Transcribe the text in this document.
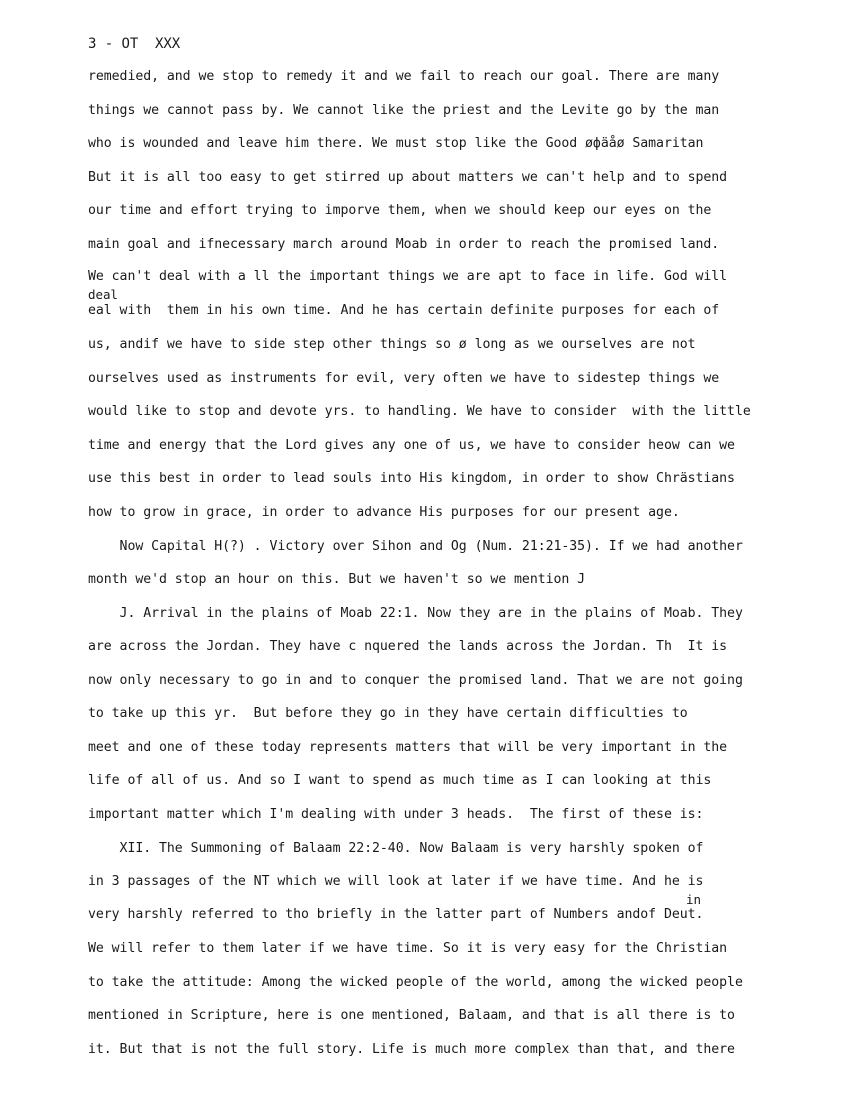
3 - OT  XXX
remedied, and we stop to remedy it and we fail to reach our goal. There are many
things we cannot pass by. We cannot like the priest and the Levite go by the man
who is wounded and leave him there. We must stop like the Good øфäåø Samaritan
But it is all too easy to get stirred up about matters we can't help and to spend
our time and effort trying to imporve them, when we should keep our eyes on the
main goal and ifnecessary march around Moab in order to reach the promised land.
We can't deal with a ll the important things we are apt to face in life. God will
deal
eal with  them in his own time. And he has certain definite purposes for each of
us, andif we have to side step other things so ø long as we ourselves are not
ourselves used as instruments for evil, very often we have to sidestep things we
would like to stop and devote yrs. to handling. We have to consider  with the little
time and energy that the Lord gives any one of us, we have to consider heow can we
use this best in order to lead souls into His kingdom, in order to show Chrästians
how to grow in grace, in order to advance His purposes for our present age.
Now Capital H(?) . Victory over Sihon and Og (Num. 21:21-35). If we had another
month we'd stop an hour on this. But we haven't so we mention J
J. Arrival in the plains of Moab 22:1. Now they are in the plains of Moab. They
are across the Jordan. They have c nquered the lands across the Jordan. Th  It is
now only necessary to go in and to conquer the promised land. That we are not going
to take up this yr.  But before they go in they have certain difficulties to
meet and one of these today represents matters that will be very important in the
life of all of us. And so I want to spend as much time as I can looking at this
important matter which I'm dealing with under 3 heads.  The first of these is:
XII. The Summoning of Balaam 22:2-40. Now Balaam is very harshly spoken of
in 3 passages of the NT which we will look at later if we have time. And he is
in
very harshly referred to tho briefly in the latter part of Numbers andof Deut.
We will refer to them later if we have time. So it is very easy for the Christian
to take the attitude: Among the wicked people of the world, among the wicked people
mentioned in Scripture, here is one mentioned, Balaam, and that is all there is to
it. But that is not the full story. Life is much more complex than that, and there
